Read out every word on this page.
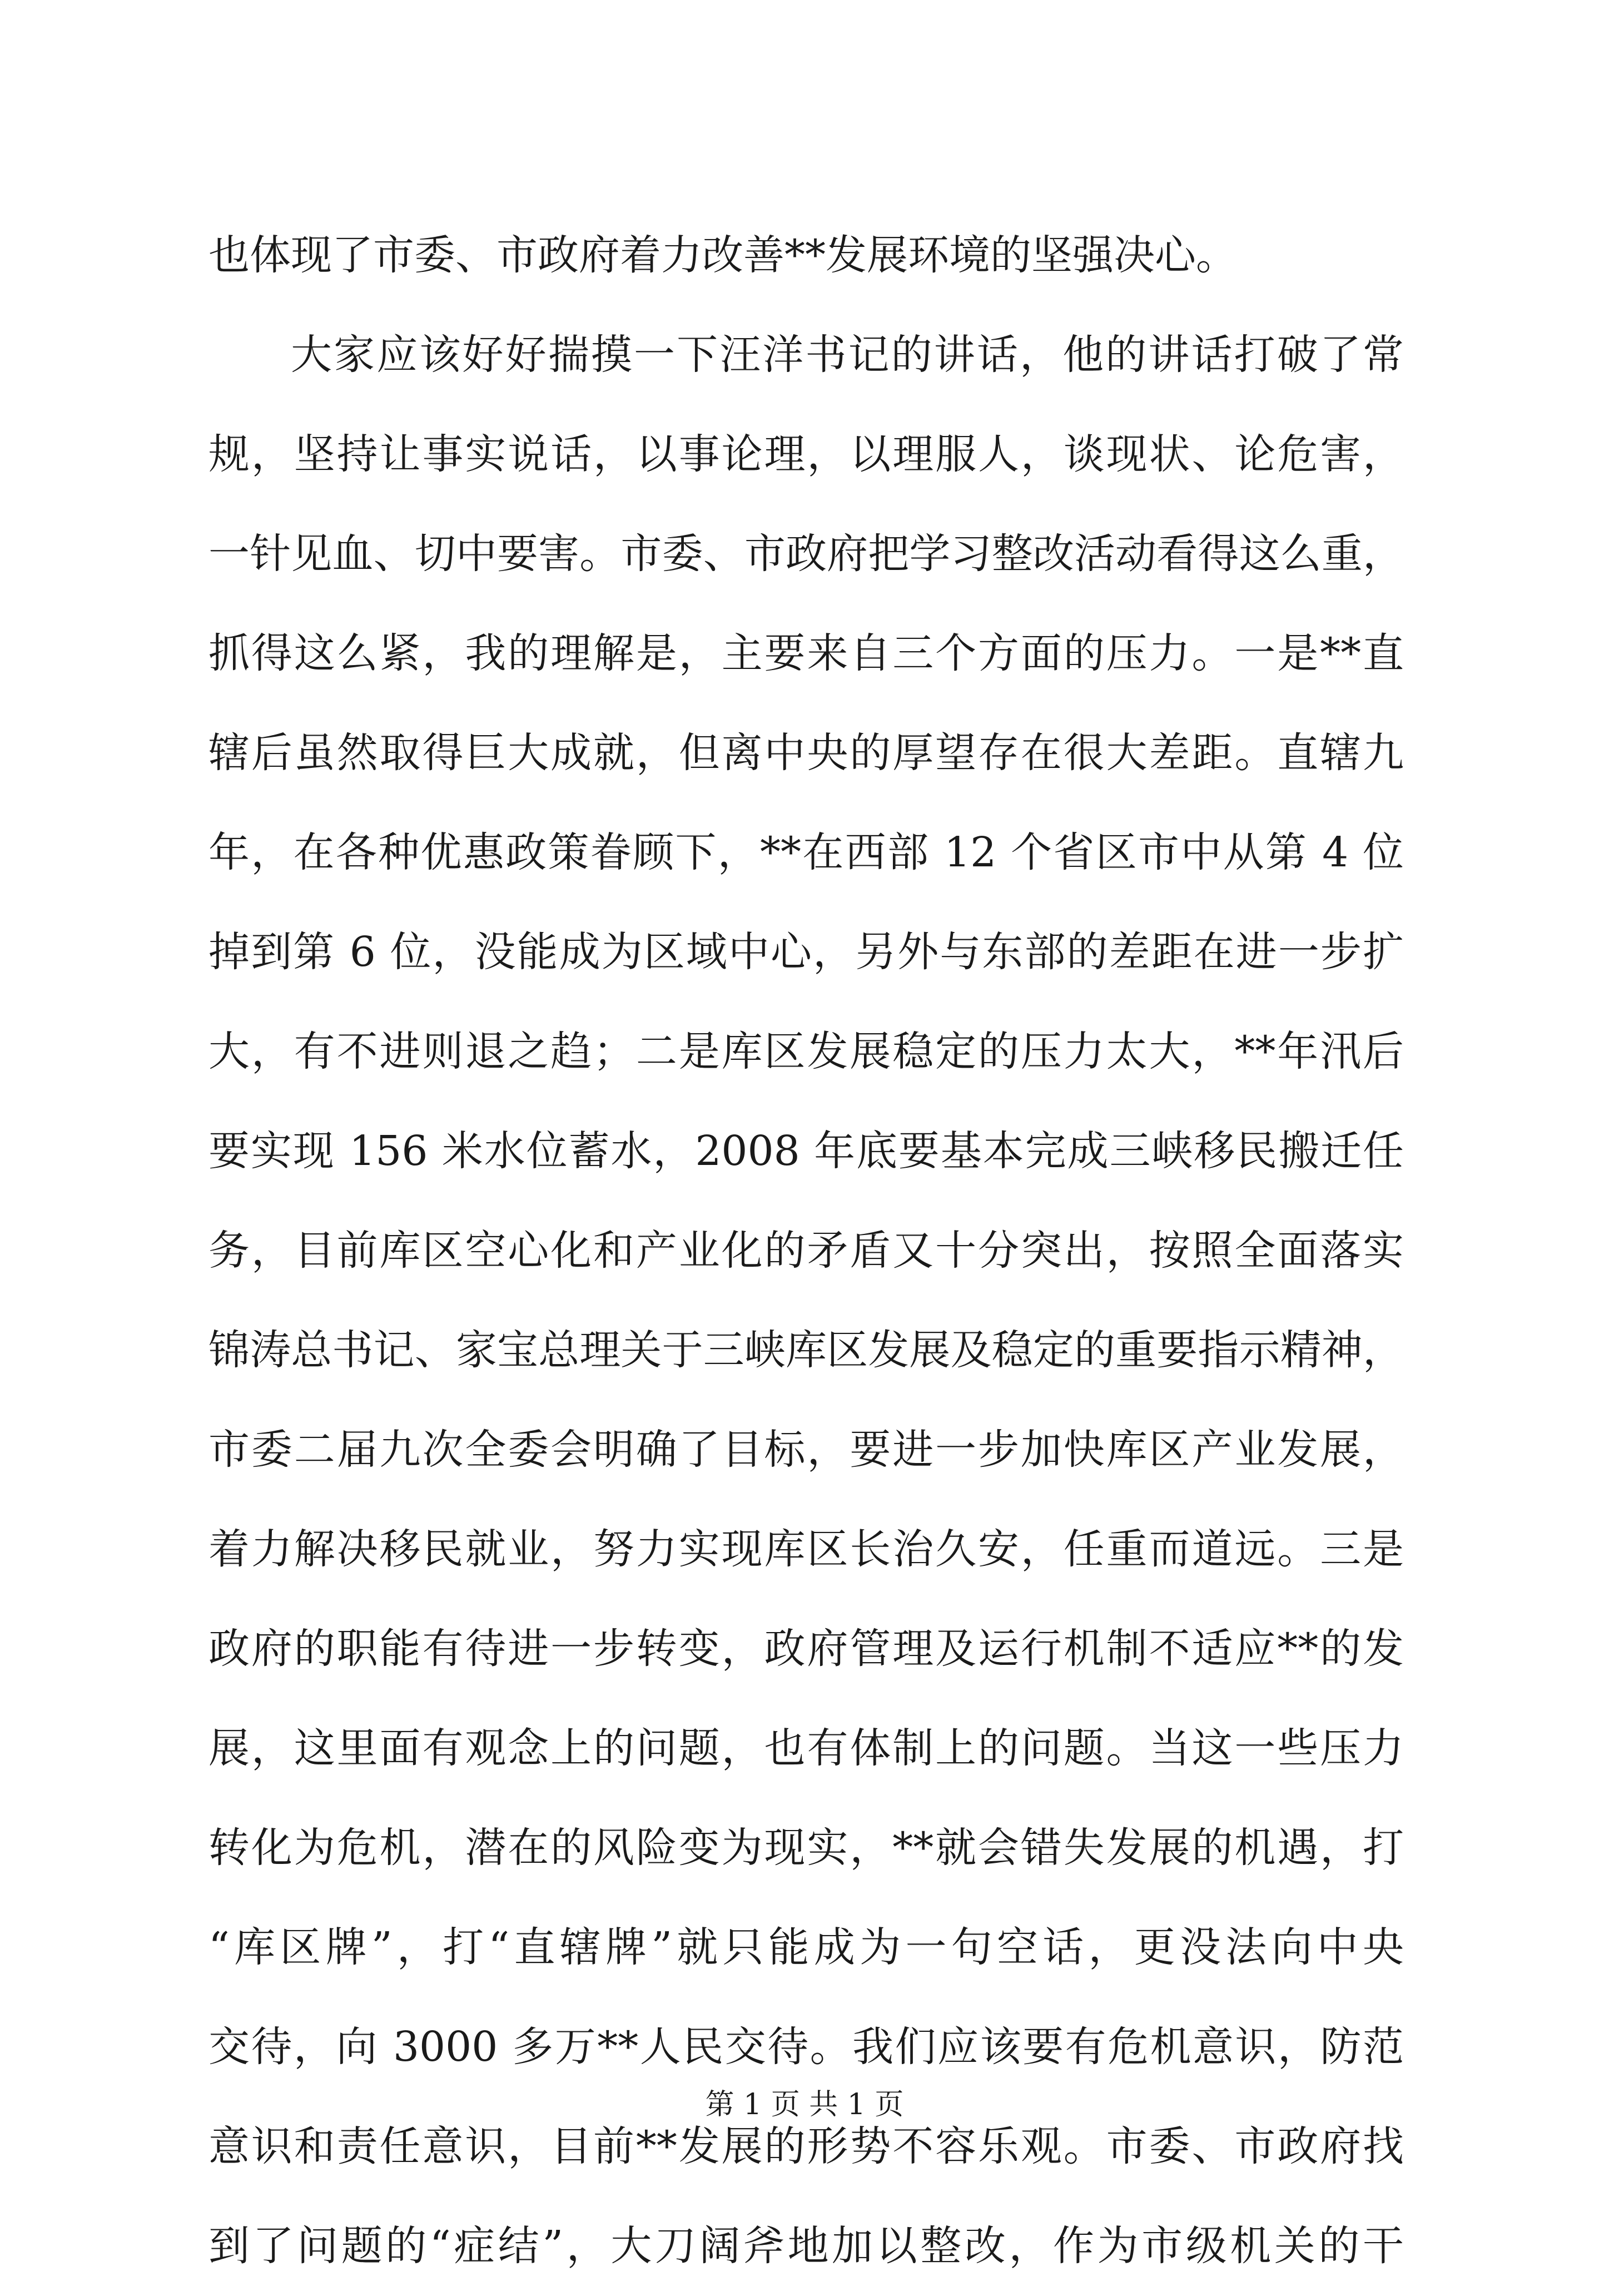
也体现了市委、市政府着力改善**发展环境的坚强决心。
大家应该好好揣摸一下汪洋书记的讲话，他的讲话打破了常
规，坚持让事实说话，以事论理，以理服人，谈现状、论危害，
一针见血、切中要害。市委、市政府把学习整改活动看得这么重，
抓得这么紧，我的理解是，主要来自三个方面的压力。一是**直
辖后虽然取得巨大成就，但离中央的厚望存在很大差距。直辖九
年，在各种优惠政策眷顾下，**在西部 12 个省区市中从第 4 位
掉到第 6 位，没能成为区域中心，另外与东部的差距在进一步扩
大，有不进则退之趋；二是库区发展稳定的压力太大，**年汛后
要实现 156 米水位蓄水，2008 年底要基本完成三峡移民搬迁任
务，目前库区空心化和产业化的矛盾又十分突出，按照全面落实
锦涛总书记、家宝总理关于三峡库区发展及稳定的重要指示精神，
市委二届九次全委会明确了目标，要进一步加快库区产业发展，
着力解决移民就业，努力实现库区长治久安，任重而道远。三是
政府的职能有待进一步转变，政府管理及运行机制不适应**的发
展，这里面有观念上的问题，也有体制上的问题。当这一些压力
转化为危机，潜在的风险变为现实，**就会错失发展的机遇，打
“库区牌”，打“直辖牌”就只能成为一句空话，更没法向中央
交待，向 3000 多万**人民交待。我们应该要有危机意识，防范
意识和责任意识，目前**发展的形势不容乐观。市委、市政府找
到了问题的“症结”，大刀阔斧地加以整改，作为市级机关的干
第 1 页 共 1 页
